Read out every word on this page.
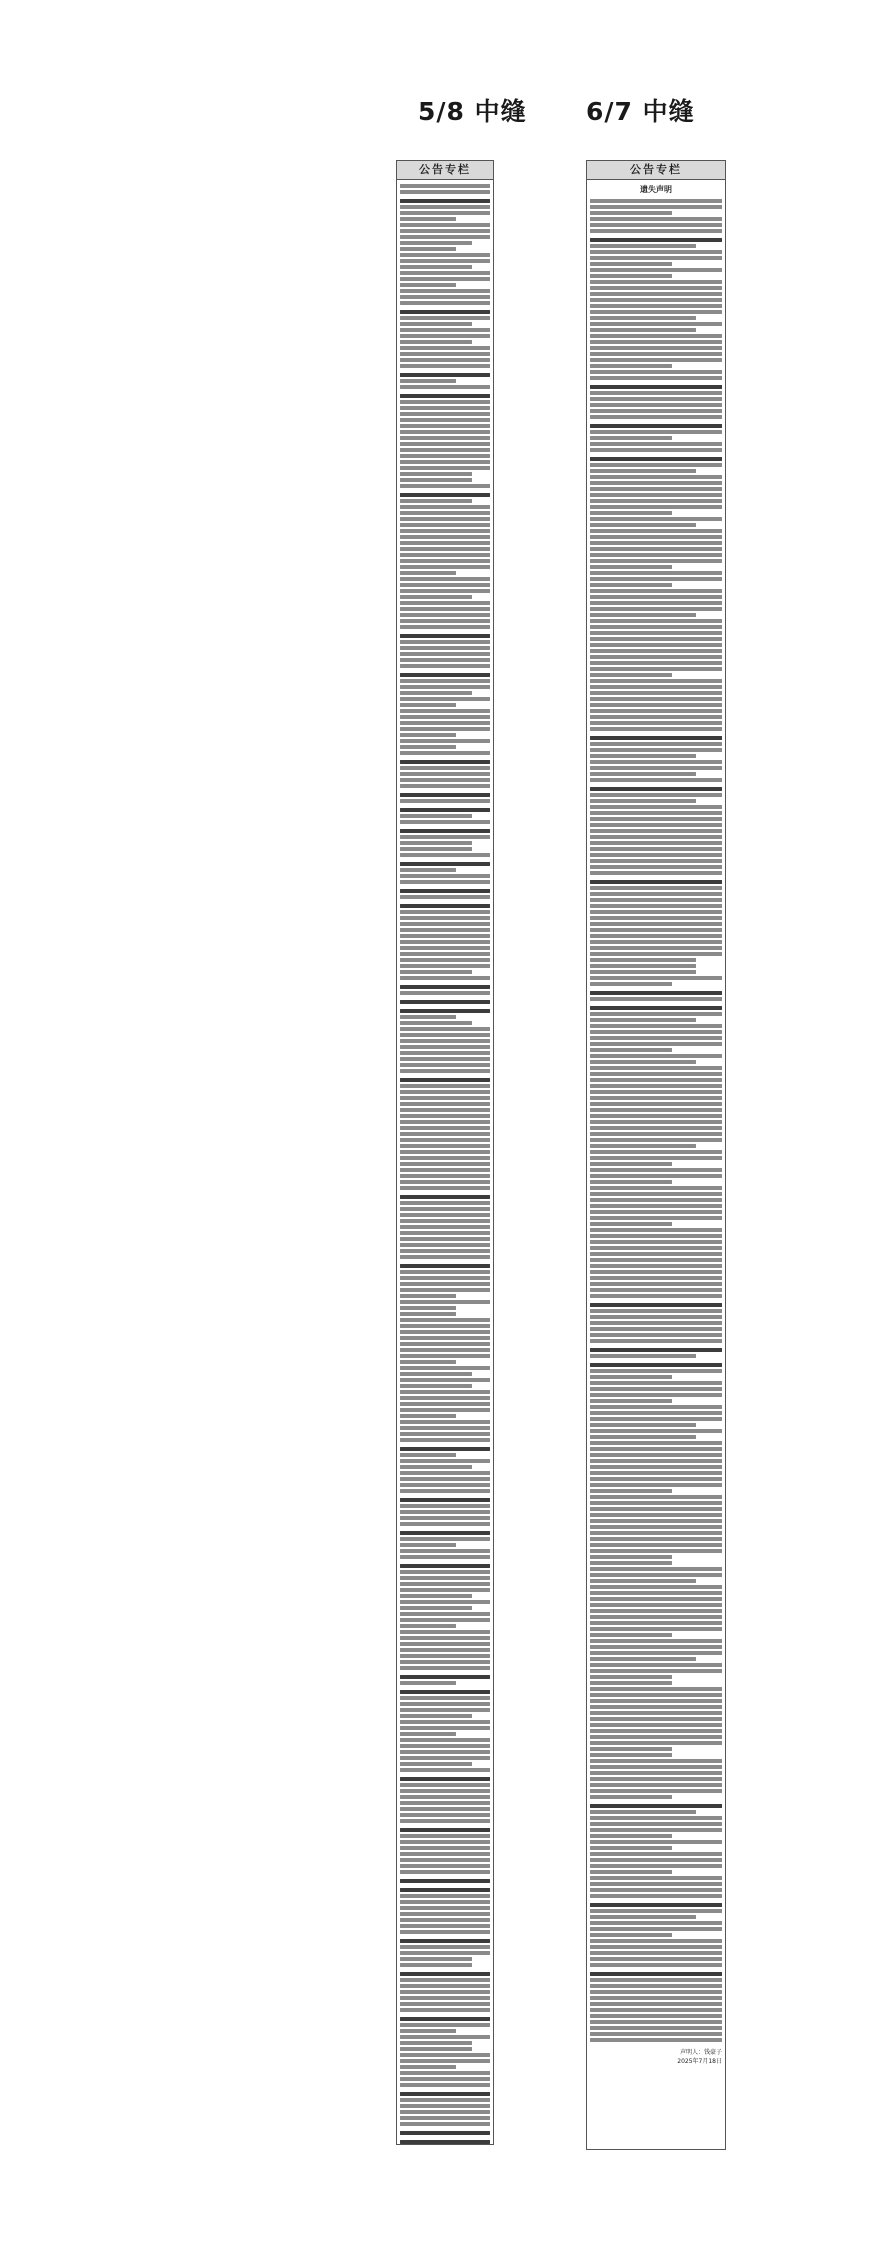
5/8 中缝 6/7 中缝
公告专栏	公告专栏
遗失声明
声明人：钱豪子
2025年7月18日
